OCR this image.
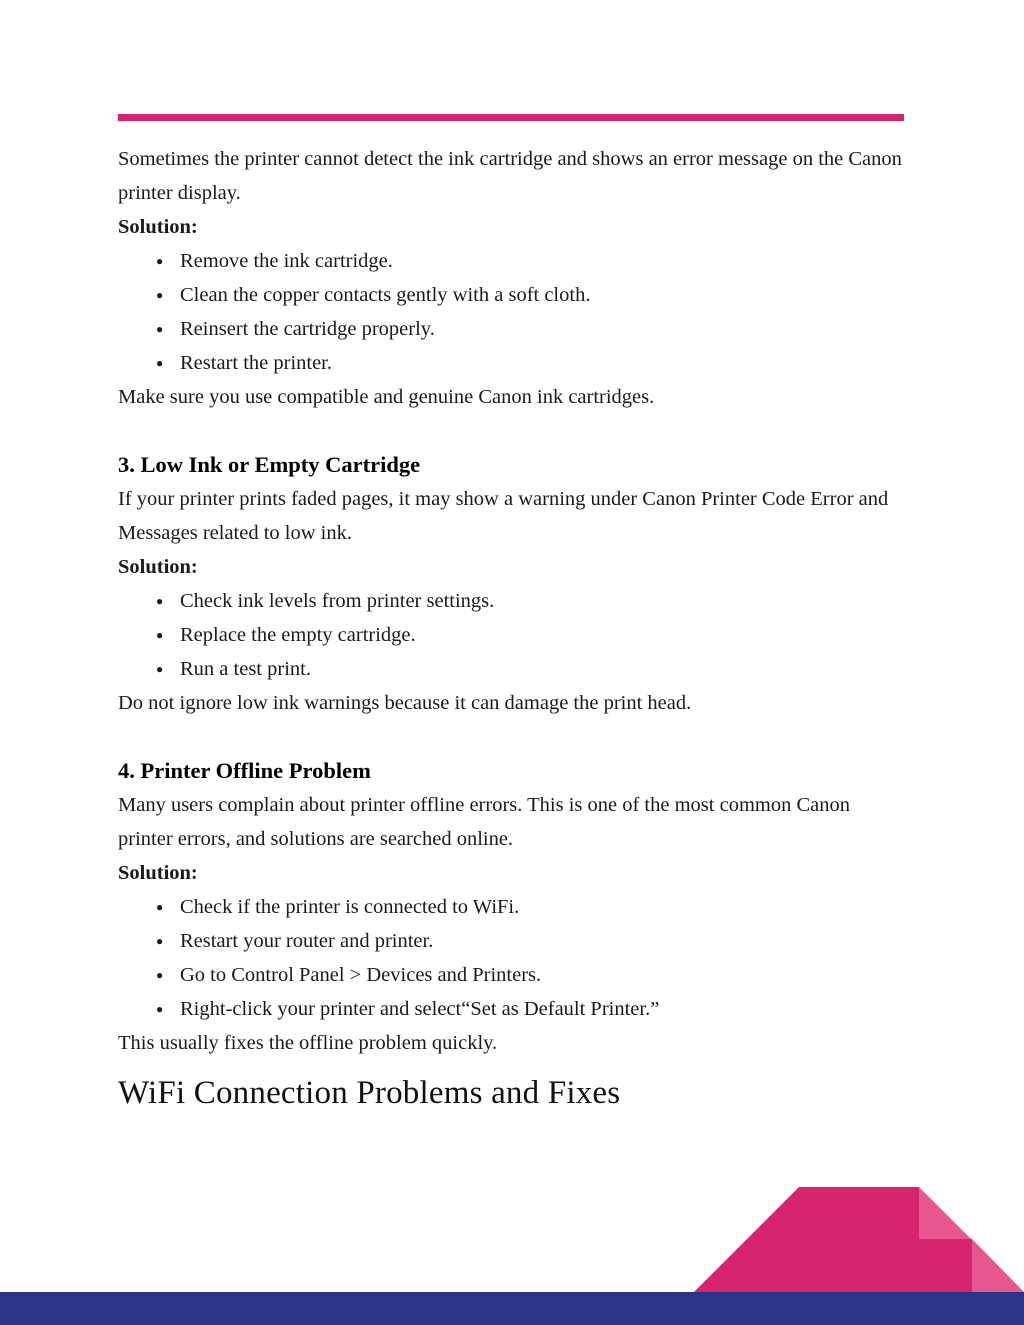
Sometimes the printer cannot detect the ink cartridge and shows an error message on the Canon printer display.

Solution:

● Remove the ink cartridge.
● Clean the copper contacts gently with a soft cloth.
● Reinsert the cartridge properly.
● Restart the printer.

Make sure you use compatible and genuine Canon ink cartridges.

3. Low Ink or Empty Cartridge

If your printer prints faded pages, it may show a warning under Canon Printer Code Error and Messages related to low ink.

Solution:

● Check ink levels from printer settings.
● Replace the empty cartridge.
● Run a test print.

Do not ignore low ink warnings because it can damage the print head.

4. Printer Offline Problem

Many users complain about printer offline errors. This is one of the most common Canon printer errors, and solutions are searched online.

Solution:

● Check if the printer is connected to WiFi.
● Restart your router and printer.
● Go to Control Panel > Devices and Printers.
● Right-click your printer and select“Set as Default Printer.”

This usually fixes the offline problem quickly.

WiFi Connection Problems and Fixes
